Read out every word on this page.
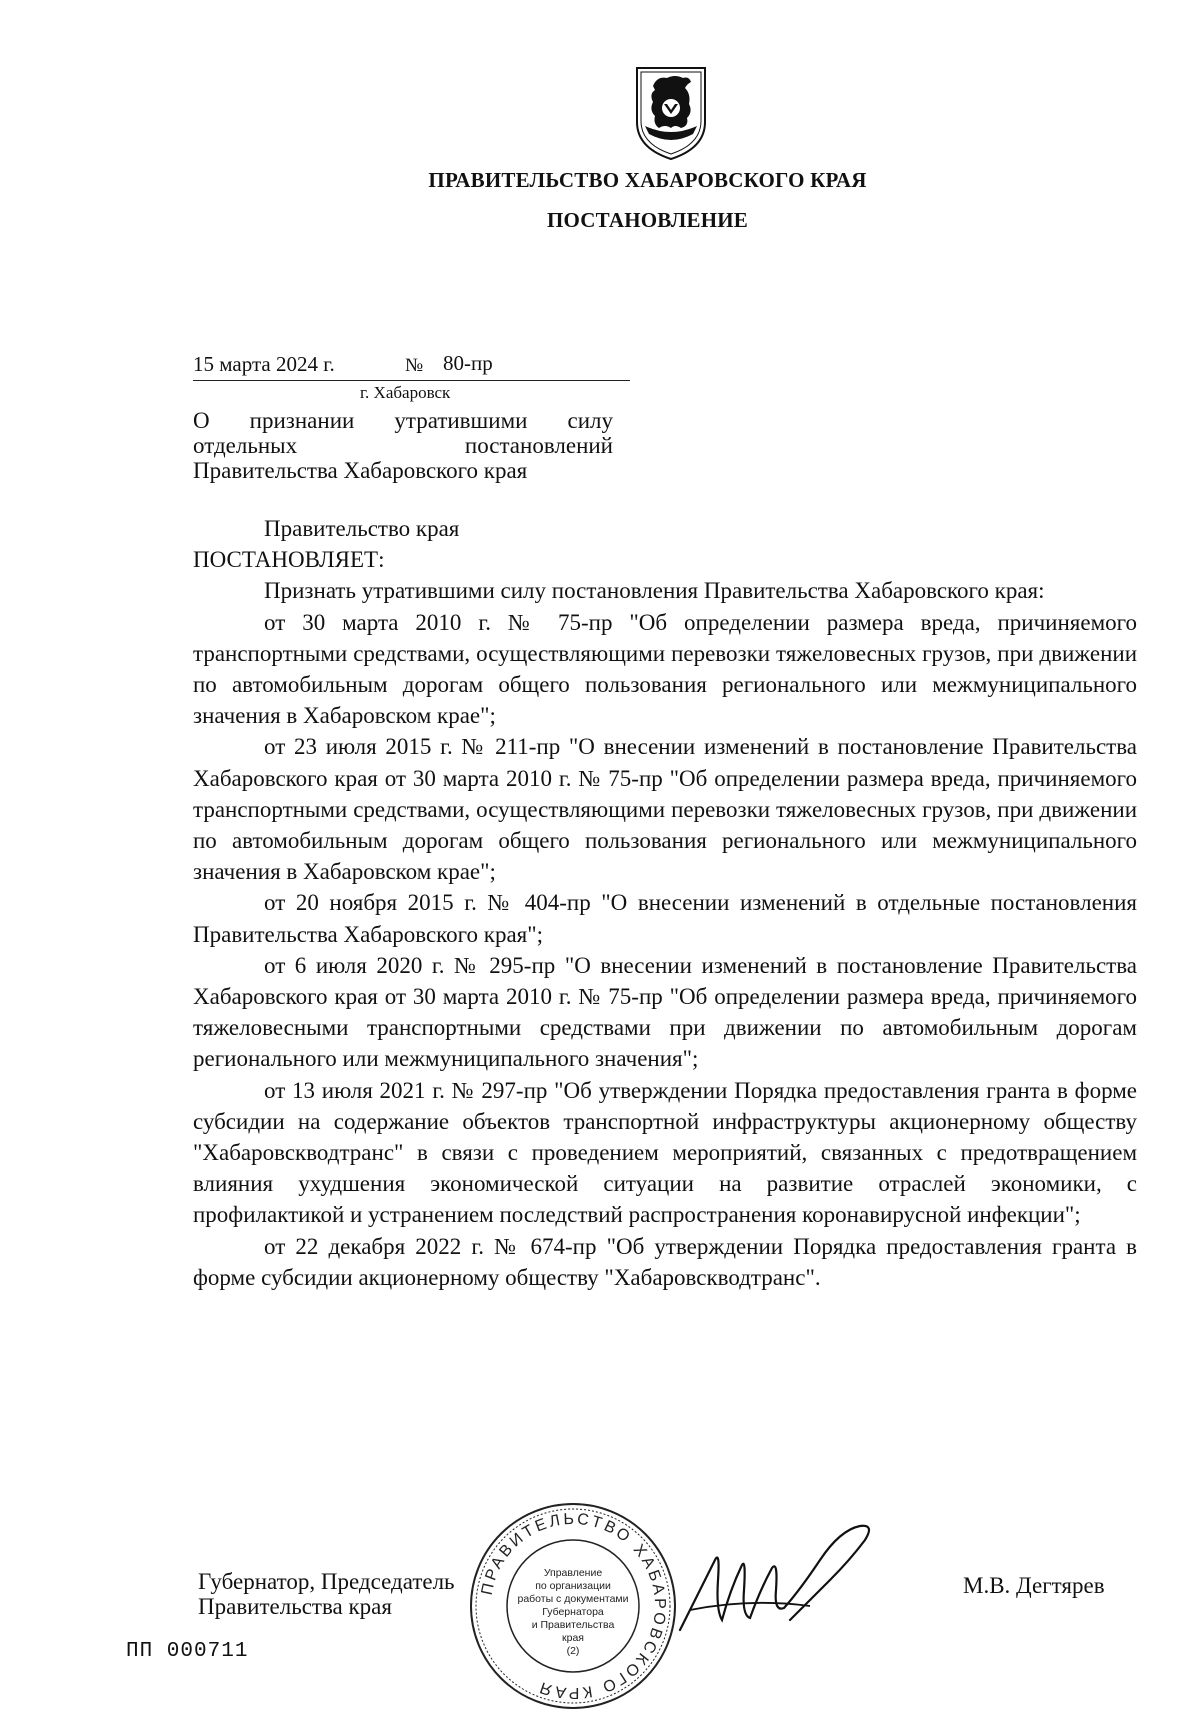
ПРАВИТЕЛЬСТВО ХАБАРОВСКОГО КРАЯ
ПОСТАНОВЛЕНИЕ
15 марта 2024 г.	№ 80-пр
г. Хабаровск
О признании утратившими силу
отдельных постановлений
Правительства Хабаровского края

Правительство края

ПОСТАНОВЛЯЕТ:

Признать утратившими силу постановления Правительства Хабаровского края:

от 30 марта 2010 г. № 75-пр "Об определении размера вреда, причиняемого транспортными средствами, осуществляющими перевозки тяжеловесных грузов, при движении по автомобильным дорогам общего пользования регионального или межмуниципального значения в Хабаровском крае";

от 23 июля 2015 г. № 211-пр "О внесении изменений в постановление Правительства Хабаровского края от 30 марта 2010 г. № 75-пр "Об определении размера вреда, причиняемого транспортными средствами, осуществляющими перевозки тяжеловесных грузов, при движении по автомобильным дорогам общего пользования регионального или межмуниципального значения в Хабаровском крае";

от 20 ноября 2015 г. № 404-пр "О внесении изменений в отдельные постановления Правительства Хабаровского края";

от 6 июля 2020 г. № 295-пр "О внесении изменений в постановление Правительства Хабаровского края от 30 марта 2010 г. № 75-пр "Об определении размера вреда, причиняемого тяжеловесными транспортными средствами при движении по автомобильным дорогам регионального или межмуниципального значения";

от 13 июля 2021 г. № 297-пр "Об утверждении Порядка предоставления гранта в форме субсидии на содержание объектов транспортной инфраструктуры акционерному обществу "Хабаровскводтранс" в связи с проведением мероприятий, связанных с предотвращением влияния ухудшения экономической ситуации на развитие отраслей экономики, с профилактикой и устранением последствий распространения коронавирусной инфекции";

от 22 декабря 2022 г. № 674-пр "Об утверждении Порядка предоставления гранта в форме субсидии акционерному обществу "Хабаровскводтранс".

Губернатор, Председатель
Правительства края
М.В. Дегтярев
ПРАВИТЕЛЬСТВО ХАБАРОВСКОГО КРАЯ
Управление
по организации
работы с документами
Губернатора
и Правительства
края
(2)
ПП 000711
